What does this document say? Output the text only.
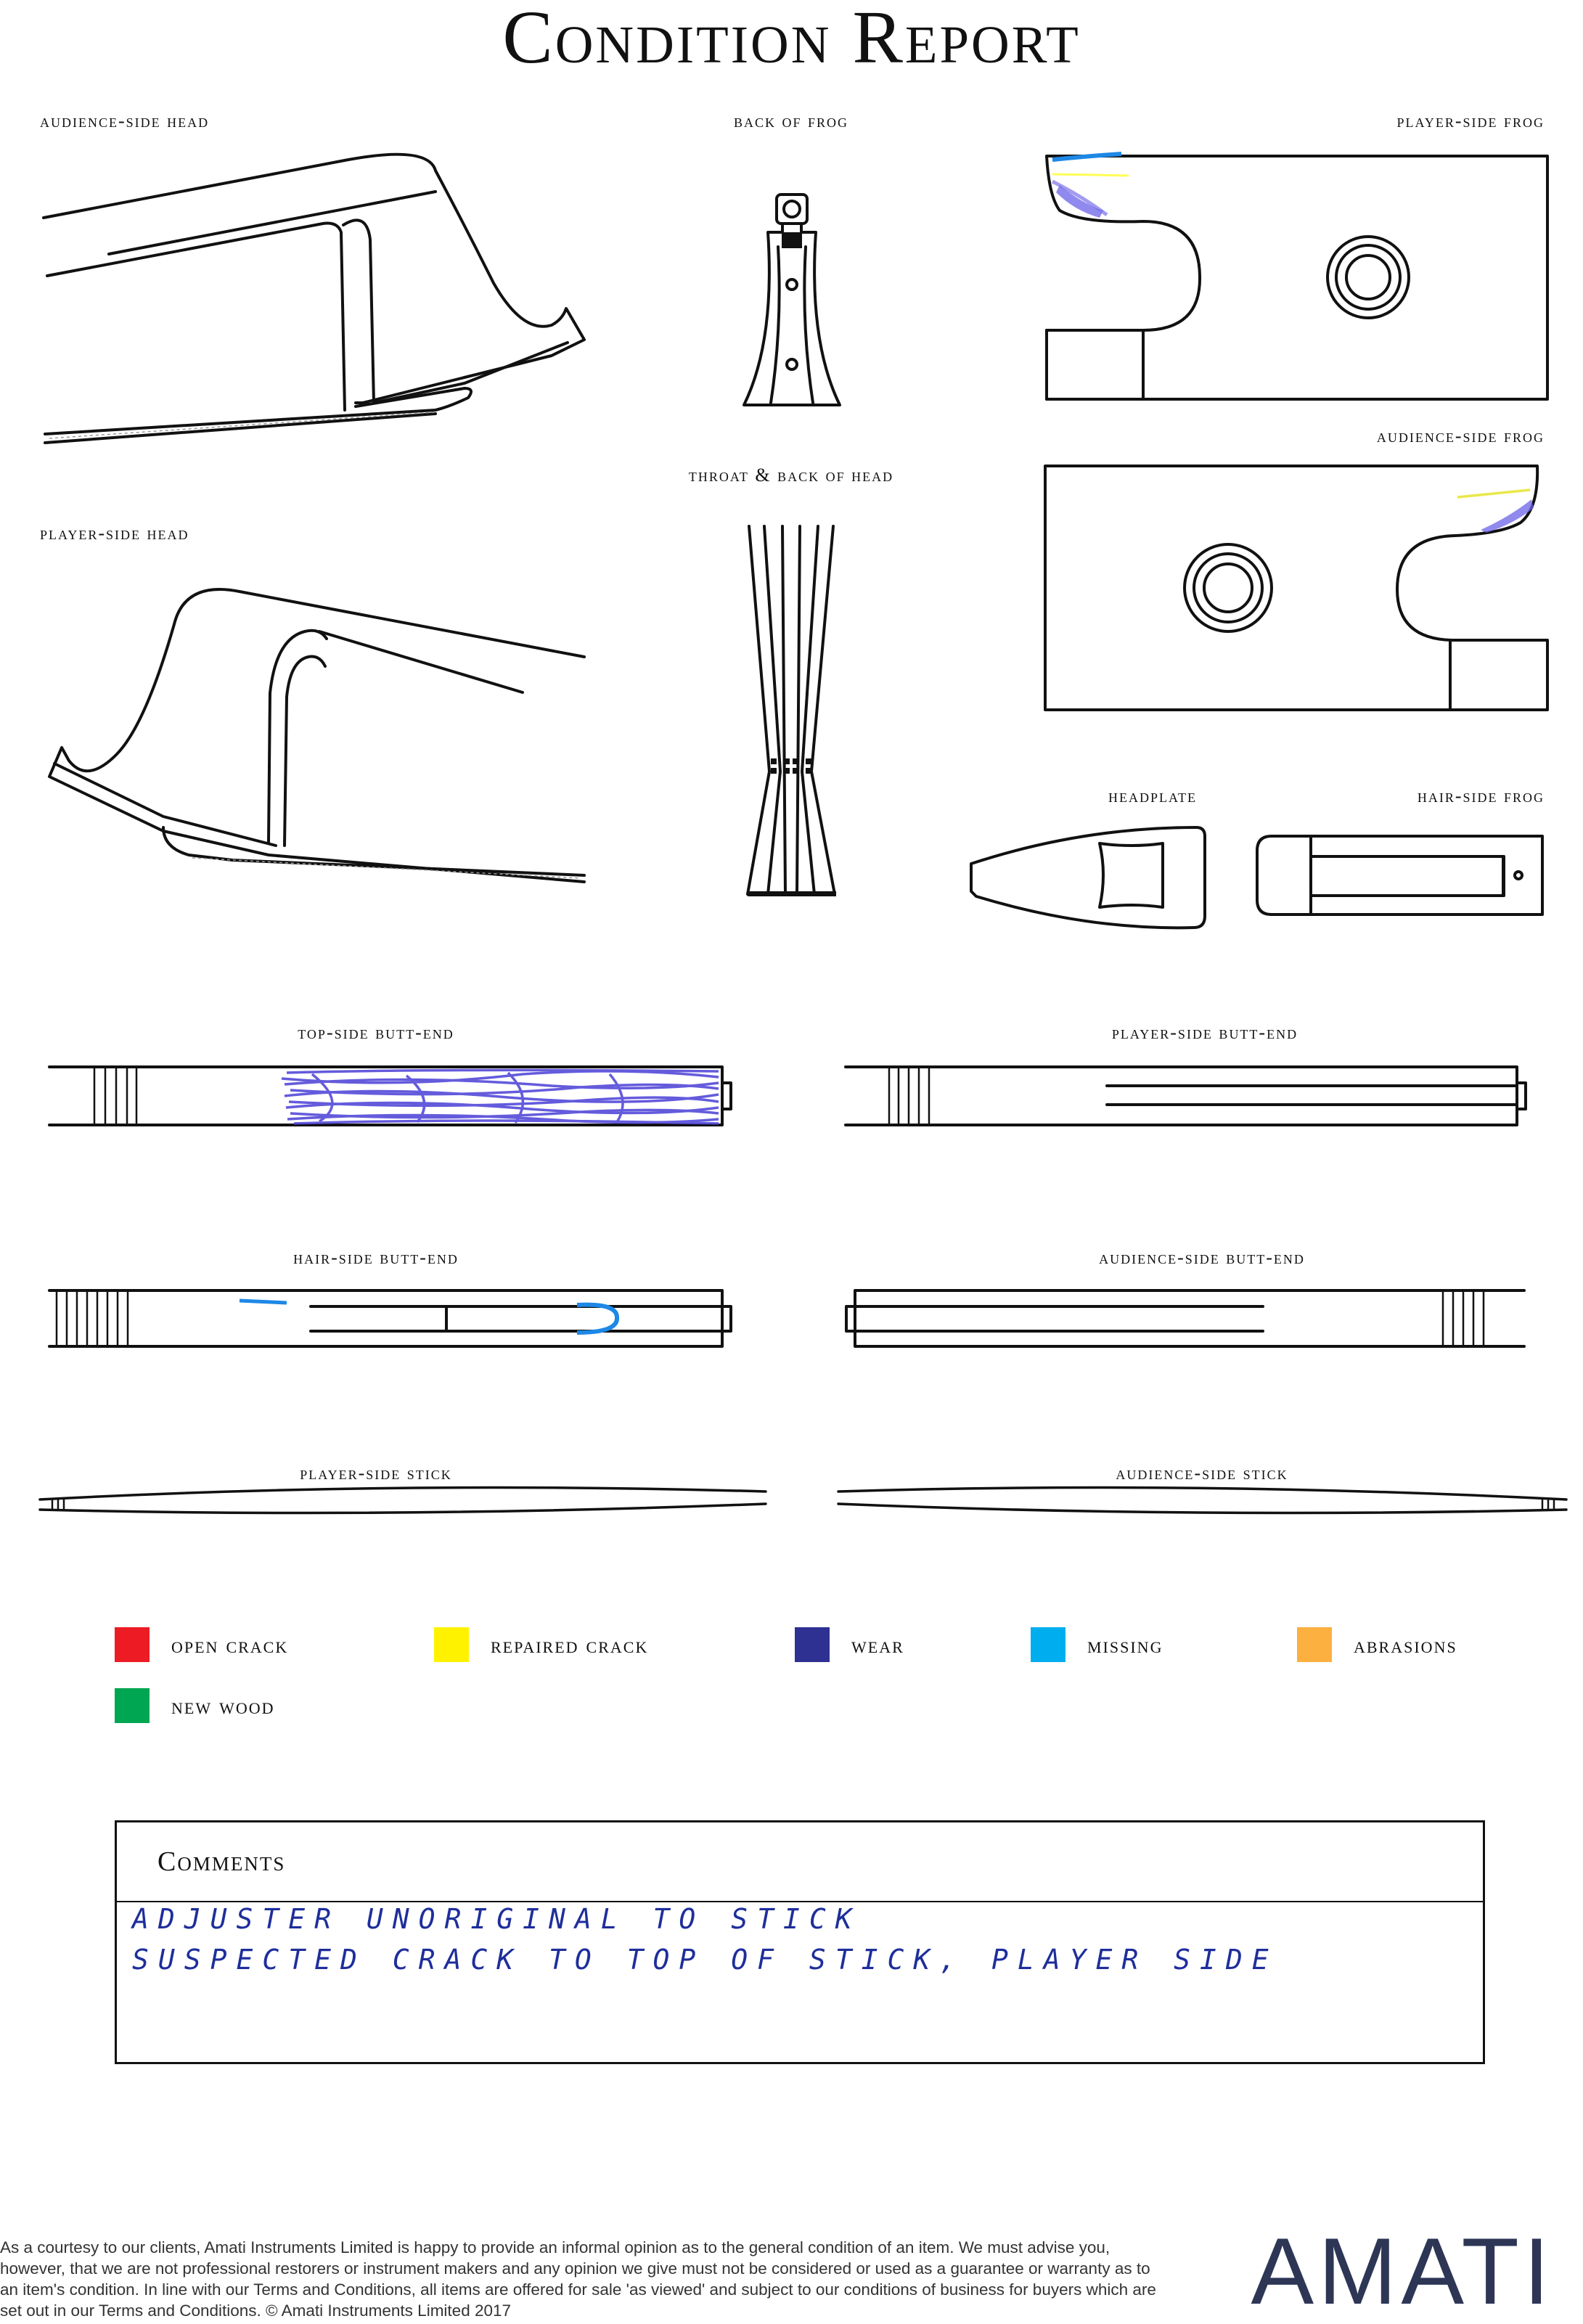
Condition Report
audience-side head	back of frog	player-side frog
audience-side frog
throat & back of head
player-side head
headplate	hair-side frog
top-side butt-end	player-side butt-end
hair-side butt-end	audience-side butt-end
player-side stick	audience-side stick
open crack	repaired crack	wear	missing	abrasions
new wood
Comments
ADJUSTER UNORIGINAL TO STICK
SUSPECTED CRACK TO TOP OF STICK, PLAYER SIDE
As a courtesy to our clients, Amati Instruments Limited is happy to provide an informal opinion as to the general condition of an item. We must advise you, however, that we are not professional restorers or instrument makers and any opinion we give must not be considered or used as a guarantee or warranty as to an item's condition. In line with our Terms and Conditions, all items are offered for sale 'as viewed' and subject to our conditions of business for buyers which are set out in our Terms and Conditions. © Amati Instruments Limited 2017	AMATI
